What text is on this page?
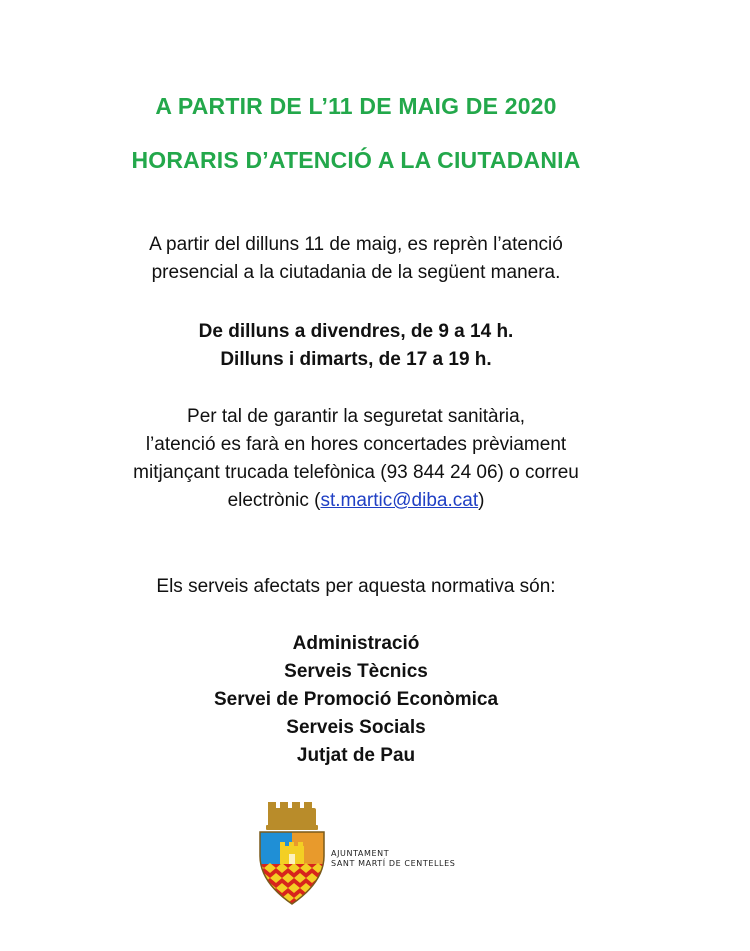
A PARTIR DE L’11 DE MAIG DE 2020
HORARIS D’ATENCIÓ A LA CIUTADANIA
A partir del dilluns 11 de maig, es reprèn l’atenció
presencial a la ciutadania de la següent manera.
De dilluns a divendres, de 9 a 14 h.
Dilluns i dimarts, de 17 a 19 h.
Per tal de garantir la seguretat sanitària,
l’atenció es farà en hores concertades prèviament
mitjançant trucada telefònica (93 844 24 06) o correu
electrònic (st.martic@diba.cat)
Els serveis afectats per aquesta normativa són:
Administració
Serveis Tècnics
Servei de Promoció Econòmica
Serveis Socials
Jutjat de Pau
AJUNTAMENT
SANT MARTÍ DE CENTELLES
